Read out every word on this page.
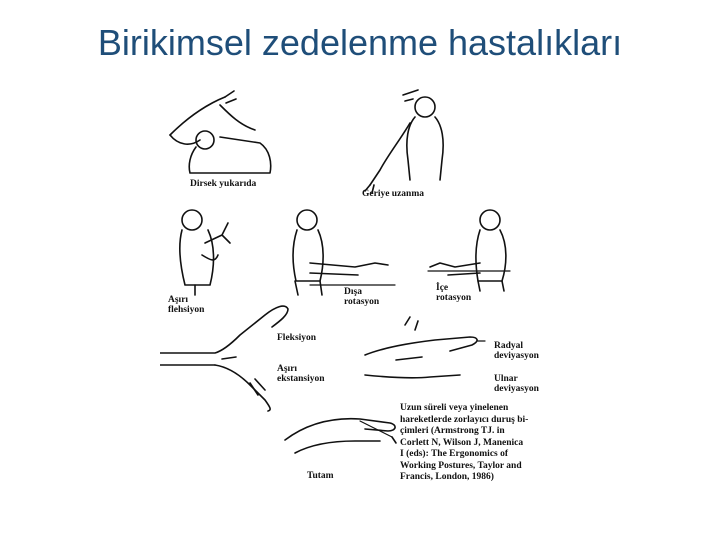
Birikimsel zedelenme hastalıkları
Dirsek yukarıda
Geriye uzanma
Aşırı
flehsiyon
Dışa
rotasyon
İçe
rotasyon
Fleksiyon
Aşırı
ekstansiyon
Radyal
deviyasyon
Ulnar
deviyasyon
Tutam
Uzun süreli veya yinelenen
hareketlerde zorlayıcı duruş bi-
çimleri (Armstrong TJ. in
Corlett N, Wilson J, Manenica
I (eds): The Ergonomics of
Working Postures, Taylor and
Francis, London, 1986)
